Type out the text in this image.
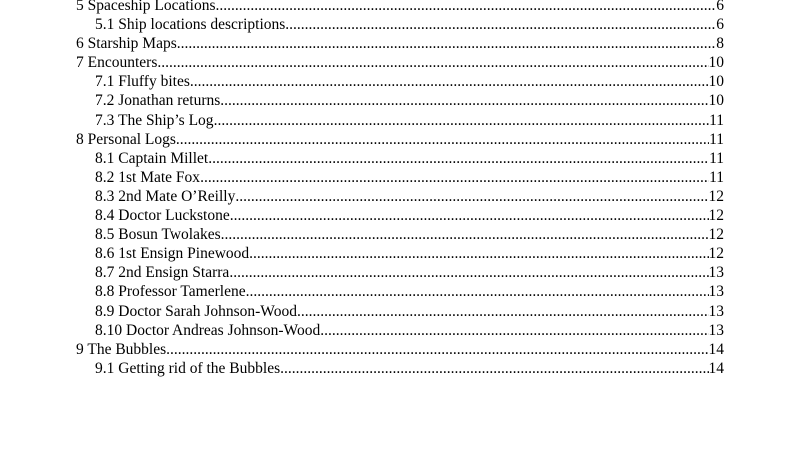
5 Spaceship Locations .....	6
5.1 Ship locations descriptions .....	6
6 Starship Maps .....	8
7 Encounters .....	10
7.1 Fluffy bites .....	10
7.2 Jonathan returns .....	10
7.3 The Ship’s Log .....	11
8 Personal Logs .....	11
8.1 Captain Millet .....	11
8.2 1st Mate Fox .....	11
8.3 2nd Mate O’Reilly .....	12
8.4 Doctor Luckstone .....	12
8.5 Bosun Twolakes .....	12
8.6 1st Ensign Pinewood .....	12
8.7 2nd Ensign Starra .....	13
8.8 Professor Tamerlene .....	13
8.9 Doctor Sarah Johnson-Wood .....	13
8.10 Doctor Andreas Johnson-Wood .....	13
9 The Bubbles .....	14
9.1 Getting rid of the Bubbles .....	14
